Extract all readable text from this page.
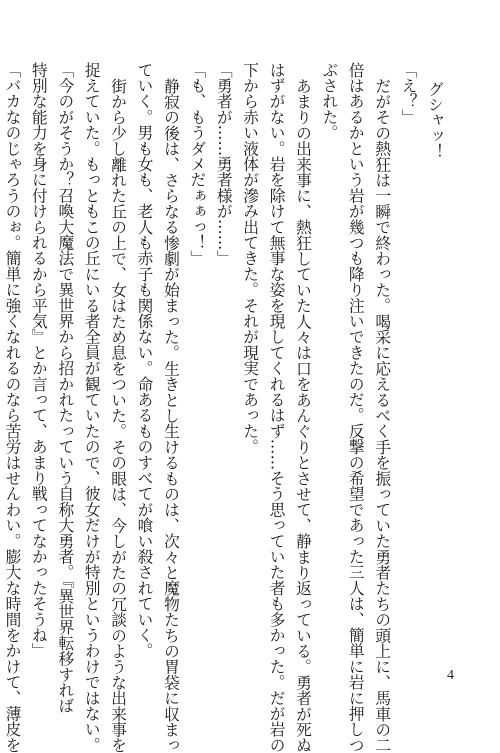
グシャッ！
「え？」
だがその熱狂は一瞬で終わった。喝采に応えるべく手を振っていた勇者たちの頭上に、馬車の二
倍はあるかという岩が幾つも降り注いできたのだ。反撃の希望であった三人は、簡単に岩に押しつ
ぶされた。
あまりの出来事に、熱狂していた人々は口をあんぐりとさせて、静まり返っている。勇者が死ぬ
はずがない。岩を除けて無事な姿を現してくれるはず……そう思っていた者も多かった。だが岩の
下から赤い液体が滲み出てきた。それが現実であった。
「勇者が……勇者様が……」
「も、もうダメだぁぁっ！」
静寂の後は、さらなる惨劇が始まった。生きとし生けるものは、次々と魔物たちの胃袋に収まっ
ていく。男も女も、老人も赤子も関係ない。命あるものすべてが喰い殺されていく。
街から少し離れた丘の上で、女はため息をついた。その眼は、今しがたの冗談のような出来事を
捉えていた。もっともこの丘にいる者全員が観ていたので、彼女だけが特別というわけではない。
「今のがそうか？召喚大魔法で異世界から招かれたっていう自称大勇者。『異世界転移すれば
特別な能力を身に付けられるから平気』とか言って、あまり戦ってなかったそうね」
「バカなのじゃろうのぉ。簡単に強くなれるのなら苦労はせんわい。膨大な時間をかけて、薄皮を	4
